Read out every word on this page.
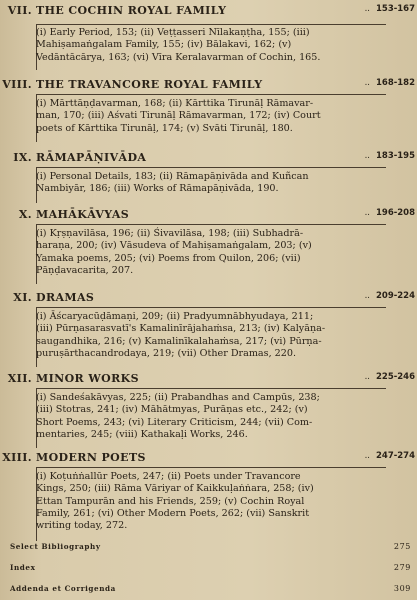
VII. THE COCHIN ROYAL FAMILY	.. 153-167
(i) Early Period, 153; (ii) Veṭṭasseri Nīlakaṇṭha, 155; (iii)
Mahiṣamaṅgalam Family, 155; (iv) Bālakavi, 162; (v)
Vedāntācārya, 163; (vi) Vīra Keralavarman of Cochin, 165.
VIII. THE TRAVANCORE ROYAL FAMILY	.. 168-182
(i) Mārttāṇḍavarman, 168; (ii) Kārttika Tirunāḷ Rāmavar-
man, 170; (iii) Aśvati Tirunāḷ Rāmavarman, 172; (iv) Court
poets of Kārttika Tirunāḷ, 174; (v) Svāti Tirunāḷ, 180.
IX. RĀMAPĀṆIVĀDA	.. 183-195
(i) Personal Details, 183; (ii) Rāmapāṇivāda and Kuñcan
Nambiyār, 186; (iii) Works of Rāmapāṇivāda, 190.
X. MAHĀKĀVYAS	.. 196-208
(i) Kṛṣṇavilāsa, 196; (ii) Śivavilāsa, 198; (iii) Subhadrā-
haraṇa, 200; (iv) Vāsudeva of Mahiṣamaṅgalam, 203; (v)
Yamaka poems, 205; (vi) Poems from Quilon, 206; (vii)
Pāṇḍavacarita, 207.
XI. DRAMAS	.. 209-224
(i) Āścaryacūḍāmaṇi, 209; (ii) Pradyumnābhyudaya, 211;
(iii) Pūrṇasarasvatī's Kamalinīrājahaṁsa, 213; (iv) Kalyāṇa-
saugandhika, 216; (v) Kamalinīkalahaṁsa, 217; (vi) Pūrṇa-
puruṣārthacandrodaya, 219; (vii) Other Dramas, 220.
XII. MINOR WORKS	.. 225-246
(i) Sandeśakāvyas, 225; (ii) Prabandhas and Campūs, 238;
(iii) Stotras, 241; (iv) Māhātmyas, Purāṇas etc., 242; (v)
Short Poems, 243; (vi) Literary Criticism, 244; (vii) Com-
mentaries, 245; (viii) Kathakaḷi Works, 246.
XIII. MODERN POETS	.. 247-274
(i) Koṭuṅṅallūr Poets, 247; (ii) Poets under Travancore
Kings, 250; (iii) Rāma Vāriyar of Kaikkuḷaṅṅara, 258; (iv)
Ettan Tampurān and his Friends, 259; (v) Cochin Royal
Family, 261; (vi) Other Modern Poets, 262; (vii) Sanskrit
writing today, 272.
Select Bibliography	275
Index	279
Addenda et Corrigenda	309
